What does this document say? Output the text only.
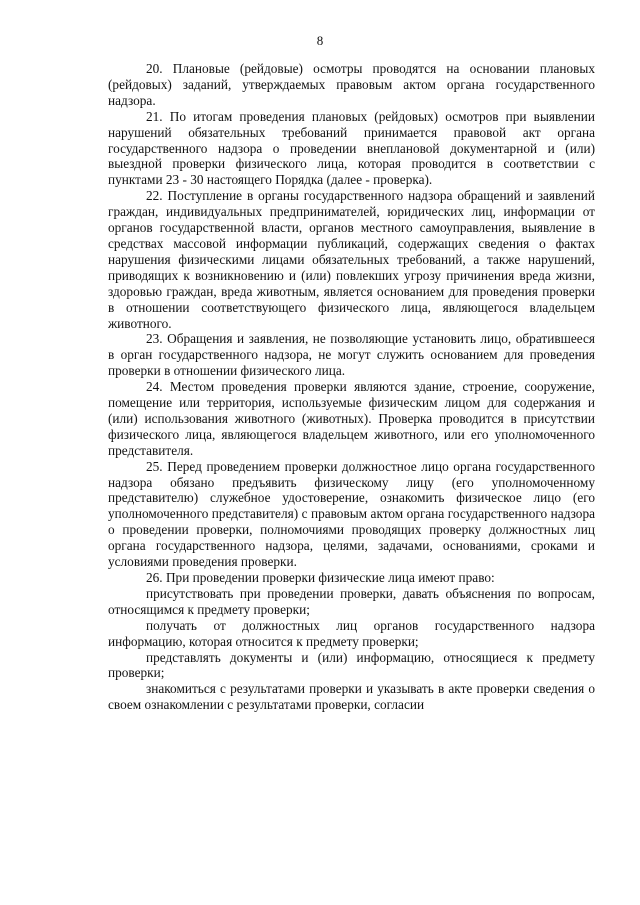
8

20. Плановые (рейдовые) осмотры проводятся на основании плановых (рейдовых) заданий, утверждаемых правовым актом органа государственного надзора.

21. По итогам проведения плановых (рейдовых) осмотров при выявлении нарушений обязательных требований принимается правовой акт органа государственного надзора о проведении внеплановой документарной и (или) выездной проверки физического лица, которая проводится в соответствии с пунктами 23 - 30 настоящего Порядка (далее - проверка).

22. Поступление в органы государственного надзора обращений и заявлений граждан, индивидуальных предпринимателей, юридических лиц, информации от органов государственной власти, органов местного самоуправления, выявление в средствах массовой информации публикаций, содержащих сведения о фактах нарушения физическими лицами обязательных требований, а также нарушений, приводящих к возникновению и (или) повлекших угрозу причинения вреда жизни, здоровью граждан, вреда животным, является основанием для проведения проверки в отношении соответствующего физического лица, являющегося владельцем животного.

23. Обращения и заявления, не позволяющие установить лицо, обратившееся в орган государственного надзора, не могут служить основанием для проведения проверки в отношении физического лица.

24. Местом проведения проверки являются здание, строение, сооружение, помещение или территория, используемые физическим лицом для содержания и (или) использования животного (животных). Проверка проводится в присутствии физического лица, являющегося владельцем животного, или его уполномоченного представителя.

25. Перед проведением проверки должностное лицо органа государственного надзора обязано предъявить физическому лицу (его уполномоченному представителю) служебное удостоверение, ознакомить физическое лицо (его уполномоченного представителя) с правовым актом органа государственного надзора о проведении проверки, полномочиями проводящих проверку должностных лиц органа государственного надзора, целями, задачами, основаниями, сроками и условиями проведения проверки.

26. При проведении проверки физические лица имеют право:

присутствовать при проведении проверки, давать объяснения по вопросам, относящимся к предмету проверки;

получать от должностных лиц органов государственного надзора информацию, которая относится к предмету проверки;

представлять документы и (или) информацию, относящиеся к предмету проверки;

знакомиться с результатами проверки и указывать в акте проверки сведения о своем ознакомлении с результатами проверки, согласии
